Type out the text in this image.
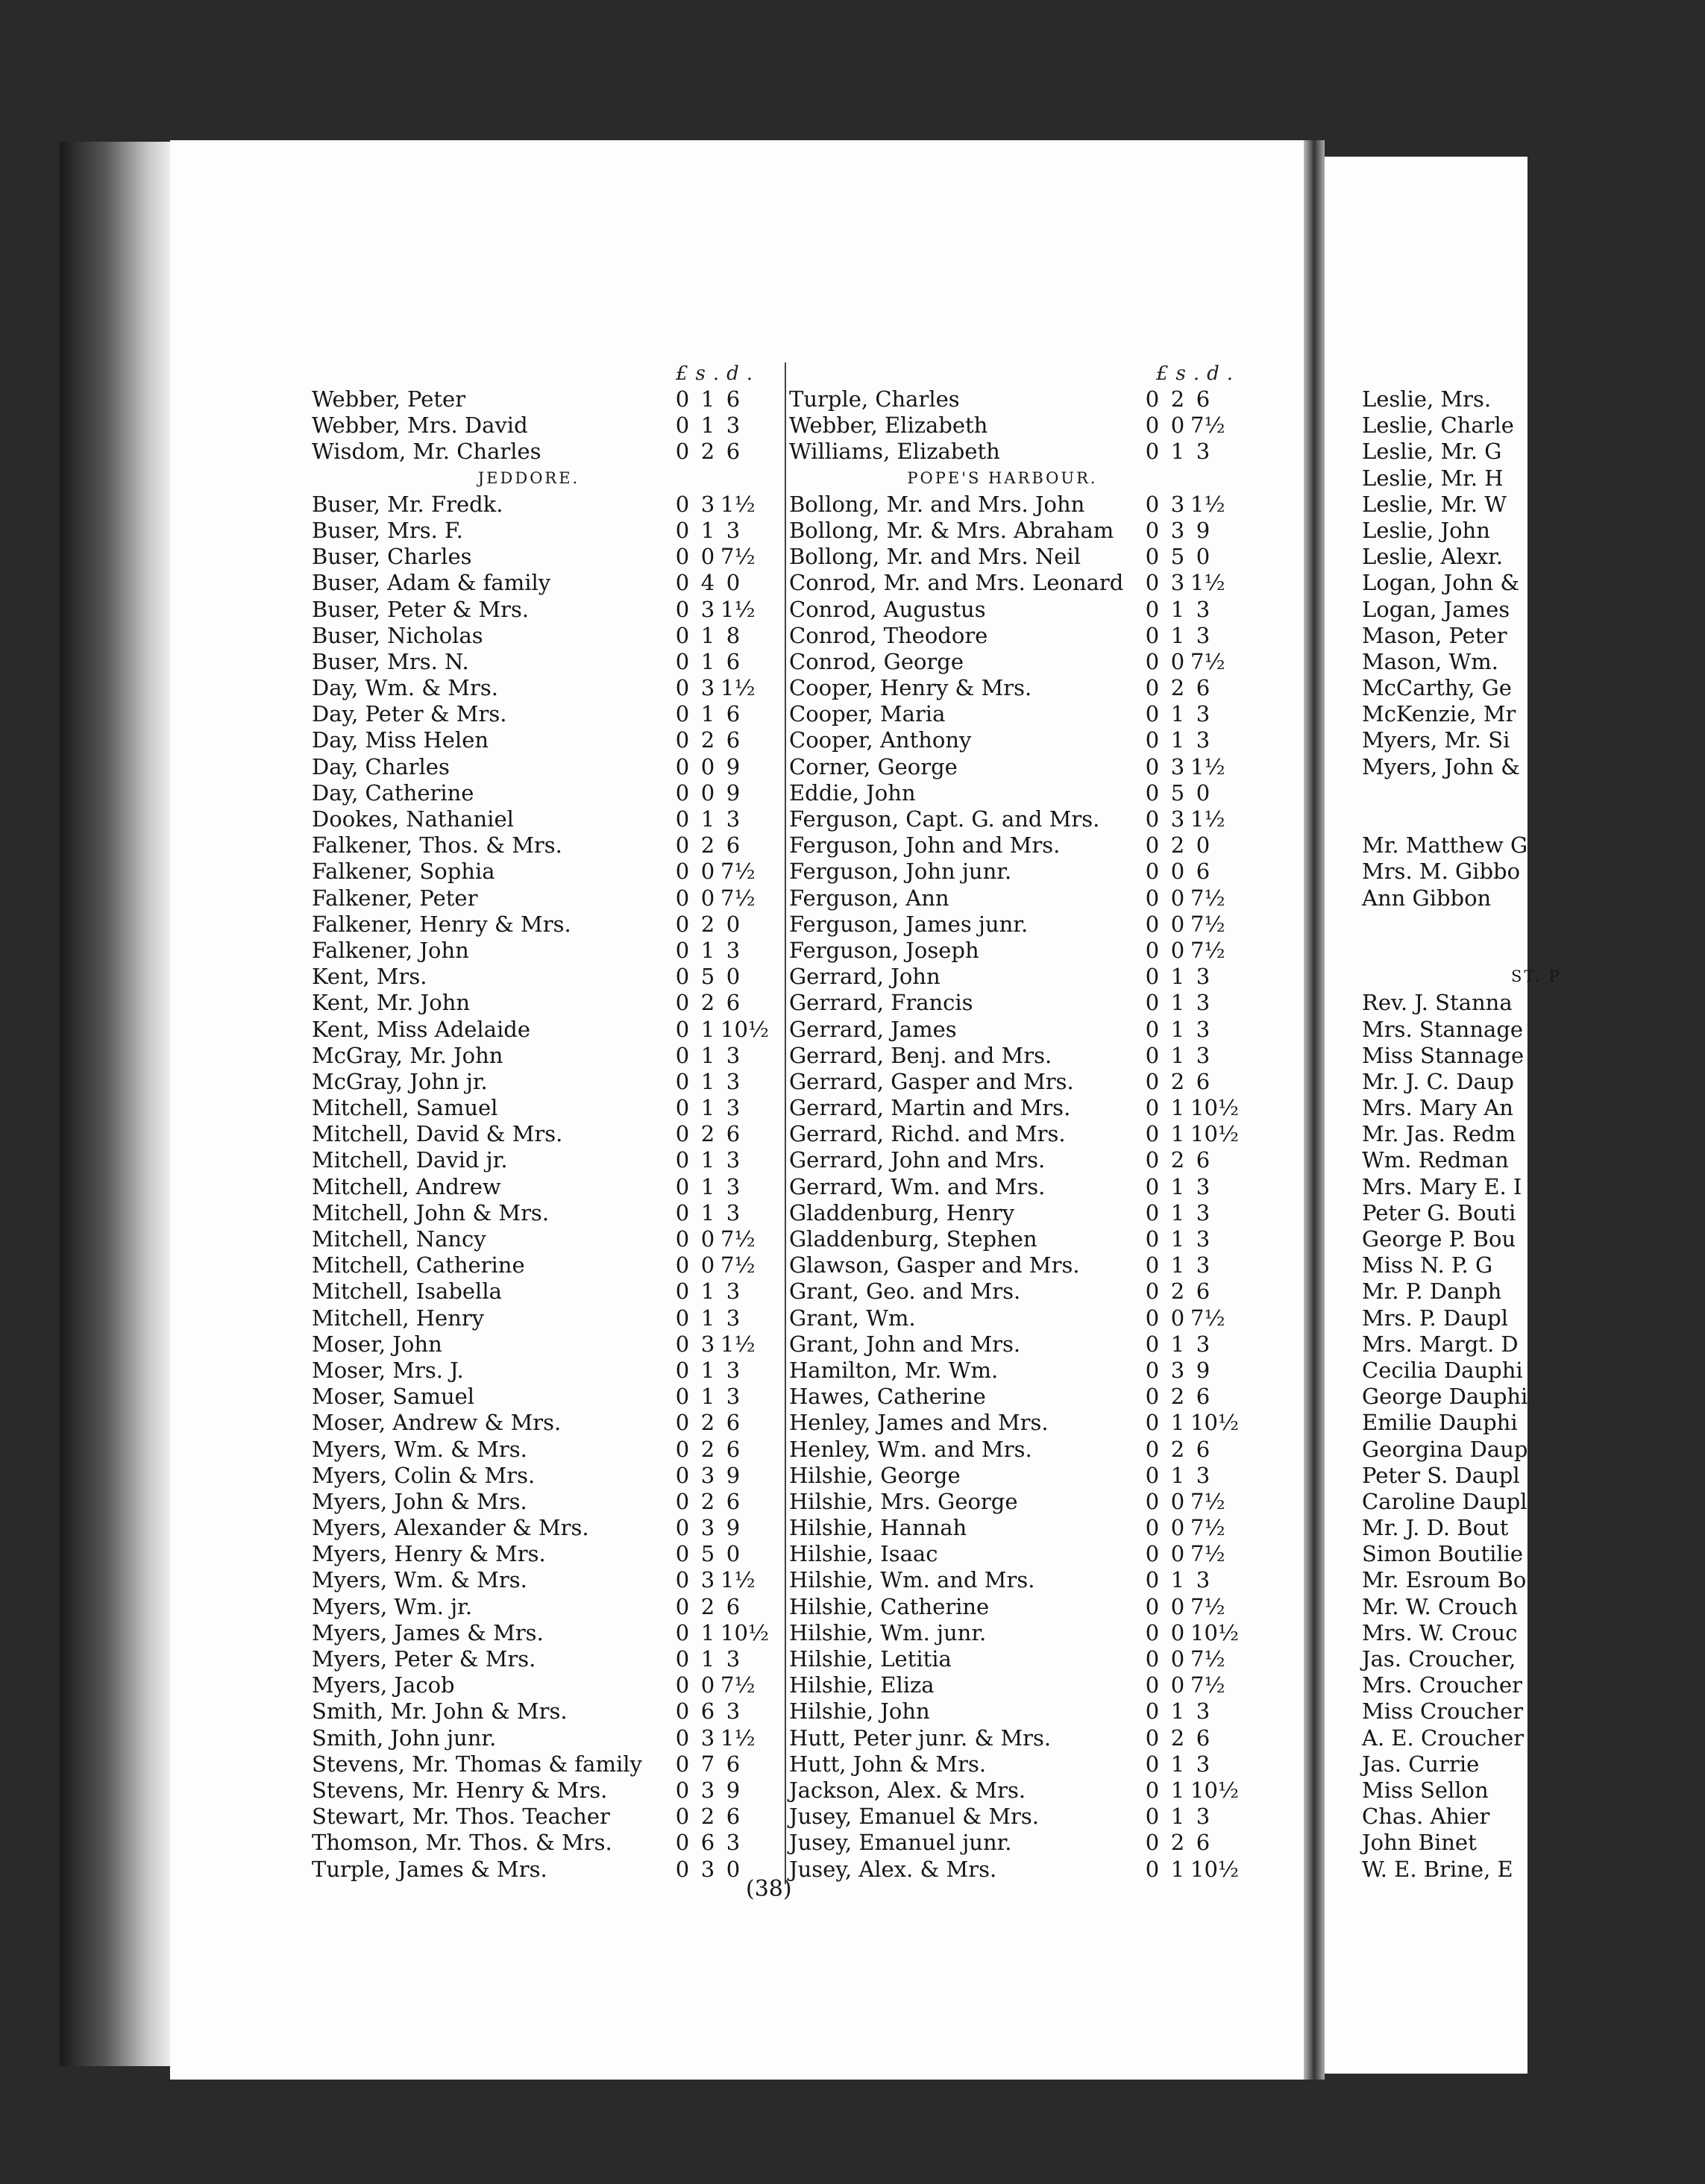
£s.d.	£s.d.
Webber, Peter	0 1 6
Webber, Mrs. David	0 1 3
Wisdom, Mr. Charles	0 2 6
JEDDORE.
Buser, Mr. Fredk.	0 3 1½
Buser, Mrs. F.	0 1 3
Buser, Charles	0 0 7½
Buser, Adam & family	0 4 0
Buser, Peter & Mrs.	0 3 1½
Buser, Nicholas	0 1 8
Buser, Mrs. N.	0 1 6
Day, Wm. & Mrs.	0 3 1½
Day, Peter & Mrs.	0 1 6
Day, Miss Helen	0 2 6
Day, Charles	0 0 9
Day, Catherine	0 0 9
Dookes, Nathaniel	0 1 3
Falkener, Thos. & Mrs.	0 2 6
Falkener, Sophia	0 0 7½
Falkener, Peter	0 0 7½
Falkener, Henry & Mrs.	0 2 0
Falkener, John	0 1 3
Kent, Mrs.	0 5 0
Kent, Mr. John	0 2 6
Kent, Miss Adelaide	0 1 10½
McGray, Mr. John	0 1 3
McGray, John jr.	0 1 3
Mitchell, Samuel	0 1 3
Mitchell, David & Mrs.	0 2 6
Mitchell, David jr.	0 1 3
Mitchell, Andrew	0 1 3
Mitchell, John & Mrs.	0 1 3
Mitchell, Nancy	0 0 7½
Mitchell, Catherine	0 0 7½
Mitchell, Isabella	0 1 3
Mitchell, Henry	0 1 3
Moser, John	0 3 1½
Moser, Mrs. J.	0 1 3
Moser, Samuel	0 1 3
Moser, Andrew & Mrs.	0 2 6
Myers, Wm. & Mrs.	0 2 6
Myers, Colin & Mrs.	0 3 9
Myers, John & Mrs.	0 2 6
Myers, Alexander & Mrs.	0 3 9
Myers, Henry & Mrs.	0 5 0
Myers, Wm. & Mrs.	0 3 1½
Myers, Wm. jr.	0 2 6
Myers, James & Mrs.	0 1 10½
Myers, Peter & Mrs.	0 1 3
Myers, Jacob	0 0 7½
Smith, Mr. John & Mrs.	0 6 3
Smith, John junr.	0 3 1½
Stevens, Mr. Thomas & family	0 7 6
Stevens, Mr. Henry & Mrs.	0 3 9
Stewart, Mr. Thos. Teacher	0 2 6
Thomson, Mr. Thos. & Mrs.	0 6 3
Turple, James & Mrs.	0 3 0
Turple, Charles	0 2 6
Webber, Elizabeth	0 0 7½
Williams, Elizabeth	0 1 3
POPE'S HARBOUR.
Bollong, Mr. and Mrs. John	0 3 1½
Bollong, Mr. & Mrs. Abraham	0 3 9
Bollong, Mr. and Mrs. Neil	0 5 0
Conrod, Mr. and Mrs. Leonard	0 3 1½
Conrod, Augustus	0 1 3
Conrod, Theodore	0 1 3
Conrod, George	0 0 7½
Cooper, Henry & Mrs.	0 2 6
Cooper, Maria	0 1 3
Cooper, Anthony	0 1 3
Corner, George	0 3 1½
Eddie, John	0 5 0
Ferguson, Capt. G. and Mrs.	0 3 1½
Ferguson, John and Mrs.	0 2 0
Ferguson, John junr.	0 0 6
Ferguson, Ann	0 0 7½
Ferguson, James junr.	0 0 7½
Ferguson, Joseph	0 0 7½
Gerrard, John	0 1 3
Gerrard, Francis	0 1 3
Gerrard, James	0 1 3
Gerrard, Benj. and Mrs.	0 1 3
Gerrard, Gasper and Mrs.	0 2 6
Gerrard, Martin and Mrs.	0 1 10½
Gerrard, Richd. and Mrs.	0 1 10½
Gerrard, John and Mrs.	0 2 6
Gerrard, Wm. and Mrs.	0 1 3
Gladdenburg, Henry	0 1 3
Gladdenburg, Stephen	0 1 3
Glawson, Gasper and Mrs.	0 1 3
Grant, Geo. and Mrs.	0 2 6
Grant, Wm.	0 0 7½
Grant, John and Mrs.	0 1 3
Hamilton, Mr. Wm.	0 3 9
Hawes, Catherine	0 2 6
Henley, James and Mrs.	0 1 10½
Henley, Wm. and Mrs.	0 2 6
Hilshie, George	0 1 3
Hilshie, Mrs. George	0 0 7½
Hilshie, Hannah	0 0 7½
Hilshie, Isaac	0 0 7½
Hilshie, Wm. and Mrs.	0 1 3
Hilshie, Catherine	0 0 7½
Hilshie, Wm. junr.	0 0 10½
Hilshie, Letitia	0 0 7½
Hilshie, Eliza	0 0 7½
Hilshie, John	0 1 3
Hutt, Peter junr. & Mrs.	0 2 6
Hutt, John & Mrs.	0 1 3
Jackson, Alex. & Mrs.	0 1 10½
Jusey, Emanuel & Mrs.	0 1 3
Jusey, Emanuel junr.	0 2 6
Jusey, Alex. & Mrs.	0 1 10½
Leslie, Mrs.
Leslie, Charle
Leslie, Mr. G
Leslie, Mr. H
Leslie, Mr. W
Leslie, John
Leslie, Alexr.
Logan, John &
Logan, James
Mason, Peter
Mason, Wm.
McCarthy, Ge
McKenzie, Mr
Myers, Mr. Si
Myers, John &
Mr. Matthew G
Mrs. M. Gibbo
Ann Gibbon
ST. P
Rev. J. Stanna
Mrs. Stannage
Miss Stannage
Mr. J. C. Daup
Mrs. Mary An
Mr. Jas. Redm
Wm. Redman
Mrs. Mary E. I
Peter G. Bouti
George P. Bou
Miss N. P. G
Mr. P. Danph
Mrs. P. Daupl
Mrs. Margt. D
Cecilia Dauphi
George Dauphi
Emilie Dauphi
Georgina Daup
Peter S. Daupl
Caroline Daupl
Mr. J. D. Bout
Simon Boutilie
Mr. Esroum Bo
Mr. W. Crouch
Mrs. W. Crouc
Jas. Croucher,
Mrs. Croucher
Miss Croucher
A. E. Croucher
Jas. Currie
Miss Sellon
Chas. Ahier
John Binet
W. E. Brine, E
(38)
